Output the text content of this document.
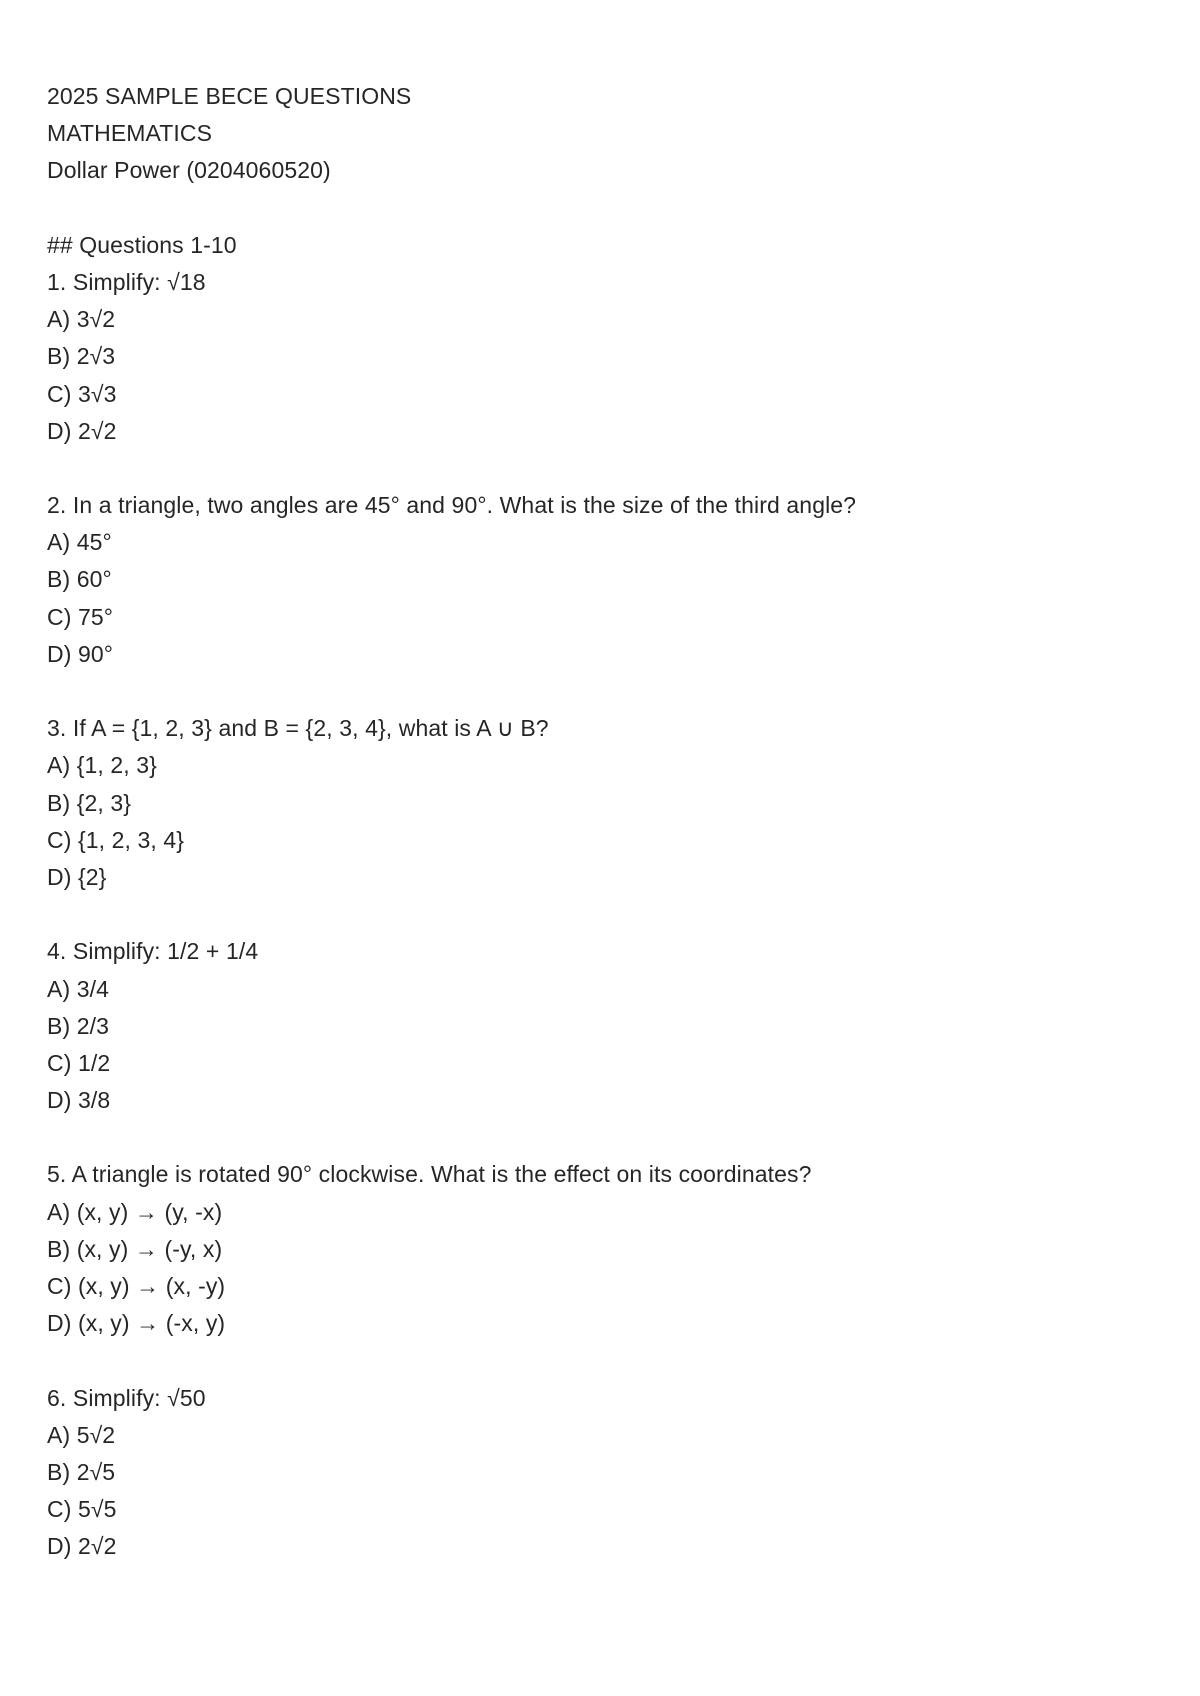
2025 SAMPLE BECE QUESTIONS
MATHEMATICS
Dollar Power (0204060520)
## Questions 1-10
1. Simplify: √18
A) 3√2
B) 2√3
C) 3√3
D) 2√2
2. In a triangle, two angles are 45° and 90°. What is the size of the third angle?
A) 45°
B) 60°
C) 75°
D) 90°
3. If A = {1, 2, 3} and B = {2, 3, 4}, what is A ∪ B?
A) {1, 2, 3}
B) {2, 3}
C) {1, 2, 3, 4}
D) {2}
4. Simplify: 1/2 + 1/4
A) 3/4
B) 2/3
C) 1/2
D) 3/8
5. A triangle is rotated 90° clockwise. What is the effect on its coordinates?
A) (x, y) → (y, -x)
B) (x, y) → (-y, x)
C) (x, y) → (x, -y)
D) (x, y) → (-x, y)
6. Simplify: √50
A) 5√2
B) 2√5
C) 5√5
D) 2√2
